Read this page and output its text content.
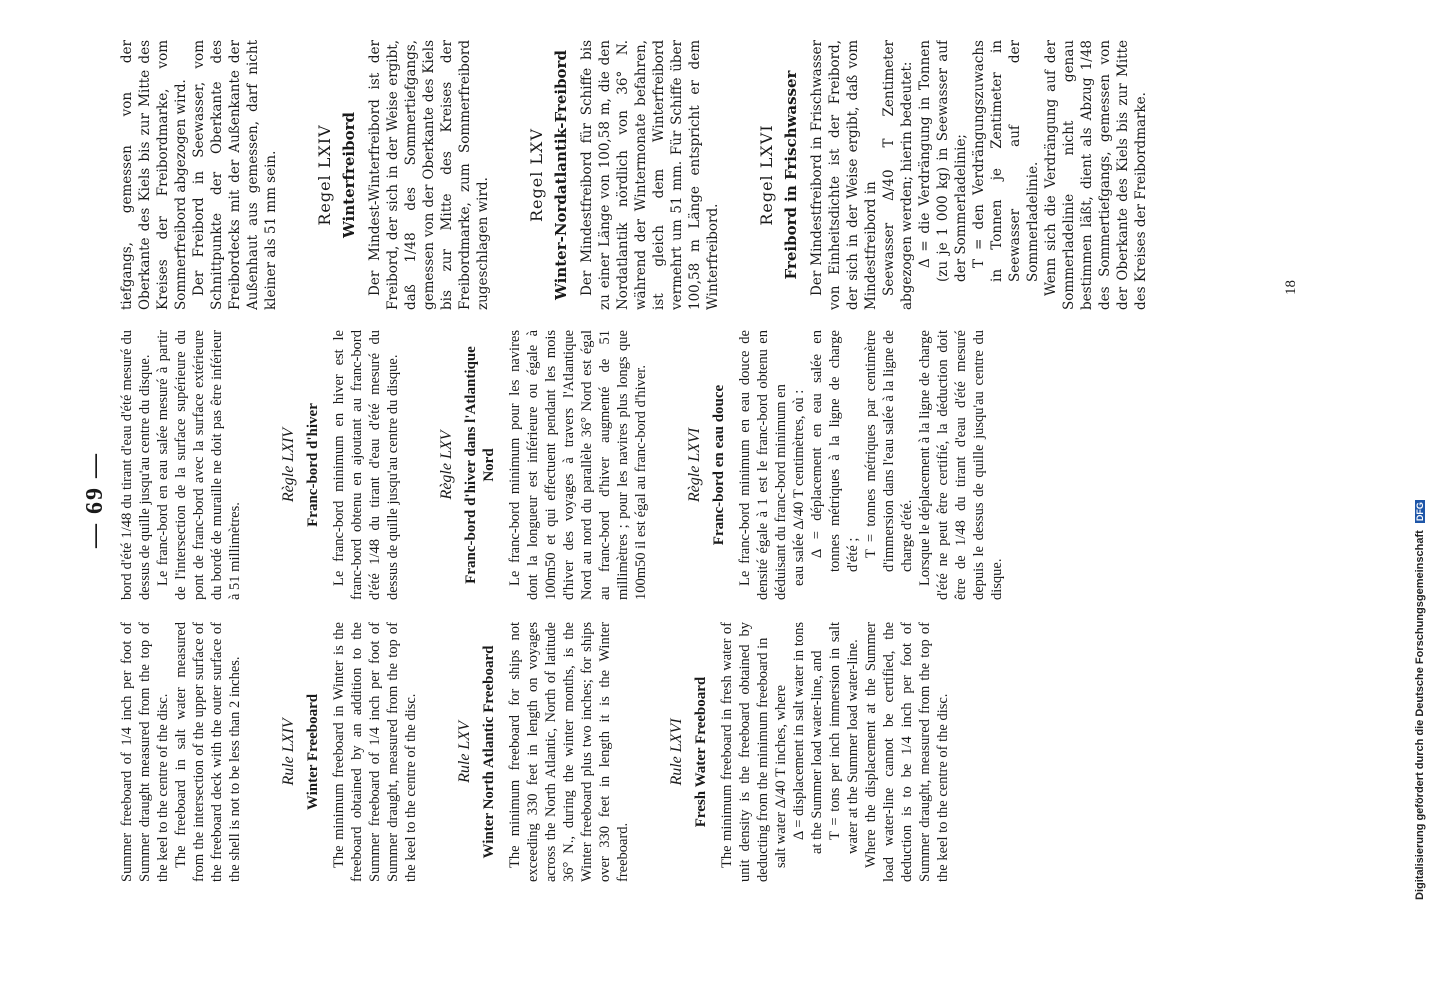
— 69 —

Summer freeboard of 1/4 inch per foot of Summer draught measured from the top of the keel to the centre of the disc. The freeboard in salt water measured from the intersection of the upper surface of the freeboard deck with the outer surface of the shell is not to be less than 2 inches. Rule LXIV Winter Freeboard The minimum freeboard in Winter is the freeboard obtained by an addition to the Summer freeboard of 1/4 inch per foot of Summer draught, measured from the top of the keel to the centre of the disc. Rule LXV Winter North Atlantic Freeboard The minimum freeboard for ships not exceeding 330 feet in length on voyages across the North Atlantic, North of latitude 36° N., during the winter months, is the Winter freeboard plus two inches; for ships over 330 feet in length it is the Winter freeboard.

Rule LXVI Fresh Water Freeboard The minimum freeboard in fresh water of unit density is the freeboard obtained by deducting from the minimum freeboard in salt water Δ/40 T inches, where Δ = displacement in salt water in tons at the Summer load water-line, and T = tons per inch immersion in salt water at the Summer load water-line. Where the displacement at the Summer load water-line cannot be certified, the deduction is to be 1/4 inch per foot of Summer draught, measured from the top of the keel to the centre of the disc.

bord d'été 1/48 du tirant d'eau d'été mesuré du dessus de quille jusqu'au centre du disque. Le franc-bord en eau salée mesuré à partir de l'intersection de la surface supérieure du pont de franc-bord avec la surface extérieure du bordé de muraille ne doit pas être inférieur à 51 millimètres.

Règle LXIV Franc-bord d'hiver Le franc-bord minimum en hiver est le franc-bord obtenu en ajoutant au franc-bord d'été 1/48 du tirant d'eau d'été mesuré du dessus de quille jusqu'au centre du disque. Règle LXV Franc-bord d'hiver dans l'Atlantique Nord Le franc-bord minimum pour les navires dont la longueur est inférieure ou égale à 100m50 et qui effectuent pendant les mois d'hiver des voyages à travers l'Atlantique Nord au nord du parallèle 36° Nord est égal au franc-bord d'hiver augmenté de 51 millimètres ; pour les navires plus longs que 100m50 il est égal au franc-bord d'hiver. Règle LXVI Franc-bord en eau douce Le franc-bord minimum en eau douce de densité égale à 1 est le franc-bord obtenu en déduisant du franc-bord minimum en eau salée Δ/40 T centimètres, où : Δ = déplacement en eau salée en tonnes métriques à la ligne de charge d'été ; T = tonnes métriques par centimètre d'immersion dans l'eau salée à la ligne de charge d'été. Lorsque le déplacement à la ligne de charge d'été ne peut être certifié, la déduction doit être de 1/48 du tirant d'eau d'été mesuré depuis le dessus de quille jusqu'au centre du disque.

tiefgangs, gemessen von der Oberkante des Kiels bis zur Mitte des Kreises der Freibordmarke, vom Sommerfreibord abgezogen wird. Der Freibord in Seewasser, vom Schnittpunkte der Oberkante des Freibordecks mit der Außenkante der Außenhaut aus gemessen, darf nicht kleiner als 51 mm sein. Regel LXIV Winterfreibord Der Mindest-Winterfreibord ist der Freibord, der sich in der Weise ergibt, daß 1/48 des Sommertiefgangs, gemessen von der Oberkante des Kiels bis zur Mitte des Kreises der Freibordmarke, zum Sommerfreibord zugeschlagen wird.

Regel LXV Winter-Nordatlantik-Freibord Der Mindestfreibord für Schiffe bis zu einer Länge von 100,58 m, die den Nordatlantik nördlich von 36° N. während der Wintermonate befahren, ist gleich dem Winterfreibord vermehrt um 51 mm. Für Schiffe über 100,58 m Länge entspricht er dem Winterfreibord.

Regel LXVI Freibord in Frischwasser Der Mindestfreibord in Frischwasser von Einheitsdichte ist der Freibord, der sich in der Weise ergibt, daß vom Mindestfreibord in Seewasser Δ/40 T Zentimeter abgezogen werden; hierin bedeutet: Δ = die Verdrängung in Tonnen (zu je 1 000 kg) in Seewasser auf der Sommerladelinie; T = den Verdrängungszuwachs in Tonnen je Zentimeter in Seewasser auf der Sommerladelinie. Wenn sich die Verdrängung auf der Sommerladelinie nicht genau bestimmen läßt, dient als Abzug 1/48 des Sommertiefgangs, gemessen von der Oberkante des Kiels bis zur Mitte des Kreises der Freibordmarke.	18
Digitalisierung gefördert durch die Deutsche Forschungsgemeinschaft DFG
